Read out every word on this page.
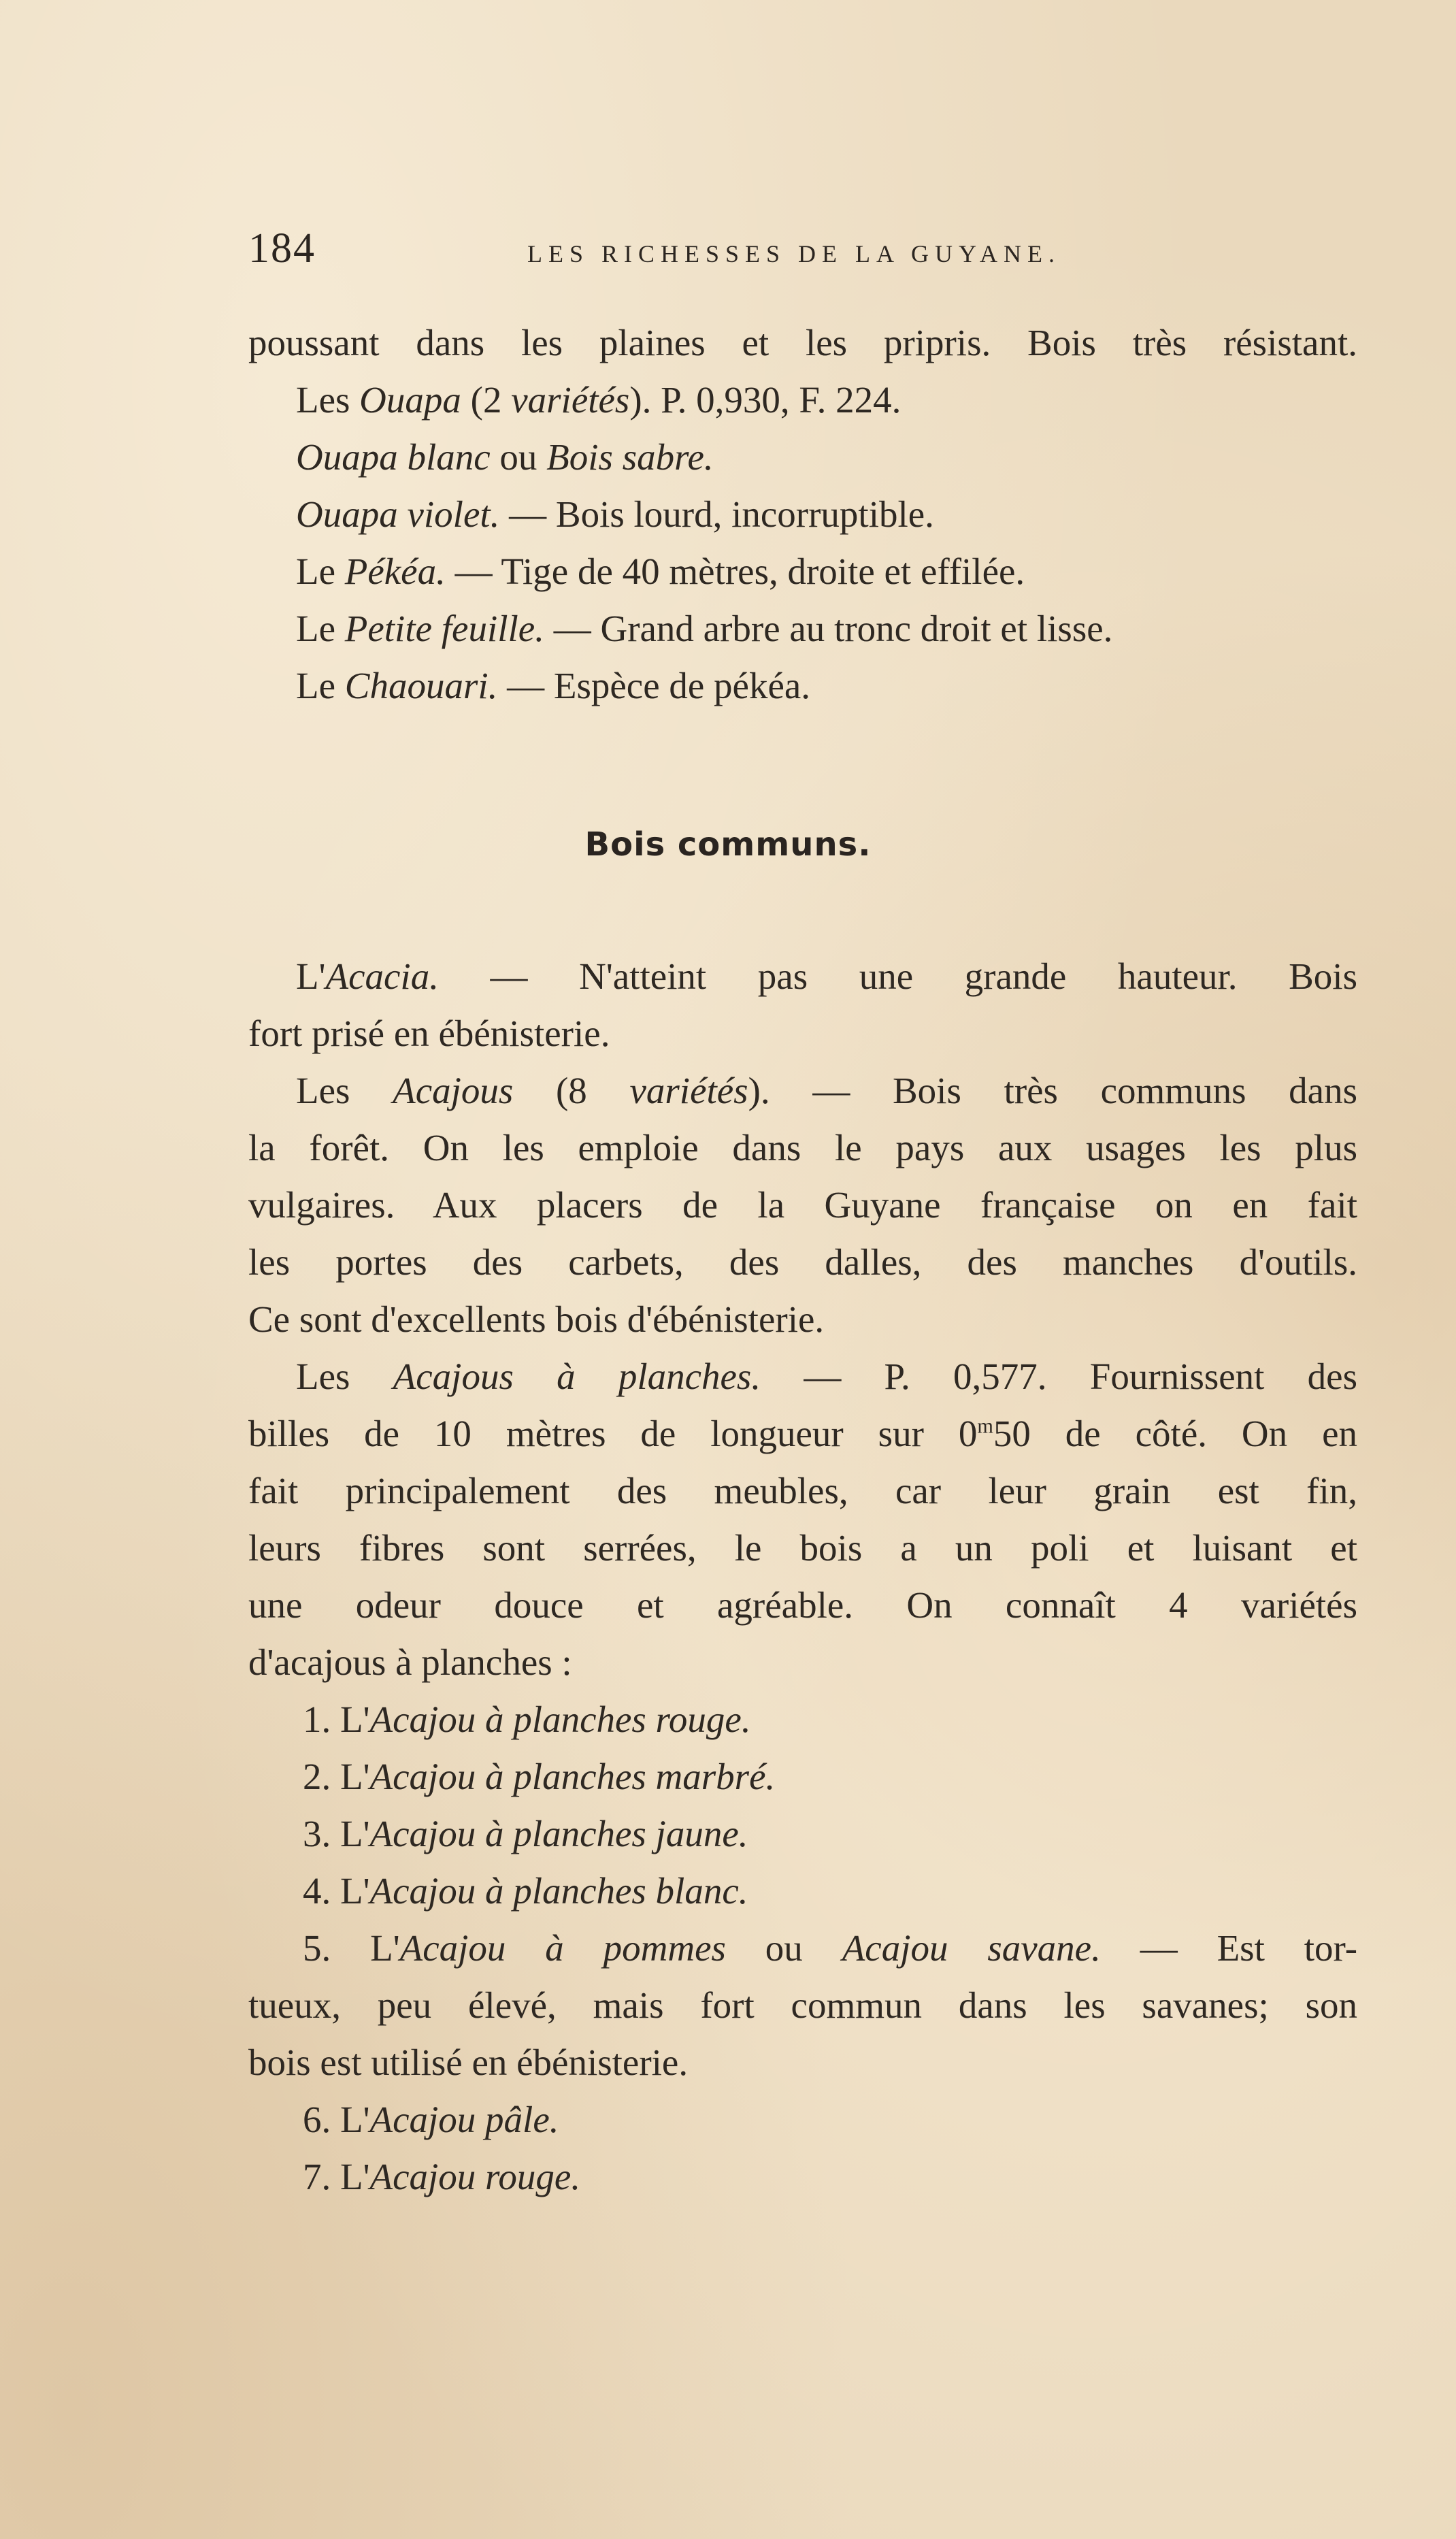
184	LES RICHESSES DE LA GUYANE.
poussant dans les plaines et les pripris. Bois très résistant.
Les Ouapa (2 variétés). P. 0,930, F. 224.
Ouapa blanc ou Bois sabre.
Ouapa violet. — Bois lourd, incorruptible.
Le Pékéa. — Tige de 40 mètres, droite et effilée.
Le Petite feuille. — Grand arbre au tronc droit et lisse.
Le Chaouari. — Espèce de pékéa.
Bois communs.
L'Acacia. — N'atteint pas une grande hauteur. Bois
fort prisé en ébénisterie.
Les Acajous (8 variétés). — Bois très communs dans
la forêt. On les emploie dans le pays aux usages les plus
vulgaires. Aux placers de la Guyane française on en fait
les portes des carbets, des dalles, des manches d'outils.
Ce sont d'excellents bois d'ébénisterie.
Les Acajous à planches. — P. 0,577. Fournissent des
billes de 10 mètres de longueur sur 0$^m$50 de côté. On en
fait principalement des meubles, car leur grain est fin,
leurs fibres sont serrées, le bois a un poli et luisant et
une odeur douce et agréable. On connaît 4 variétés
d'acajous à planches :
1. L'Acajou à planches rouge.
2. L'Acajou à planches marbré.
3. L'Acajou à planches jaune.
4. L'Acajou à planches blanc.
5. L'Acajou à pommes ou Acajou savane. — Est tor-
tueux, peu élevé, mais fort commun dans les savanes; son
bois est utilisé en ébénisterie.
6. L'Acajou pâle.
7. L'Acajou rouge.
